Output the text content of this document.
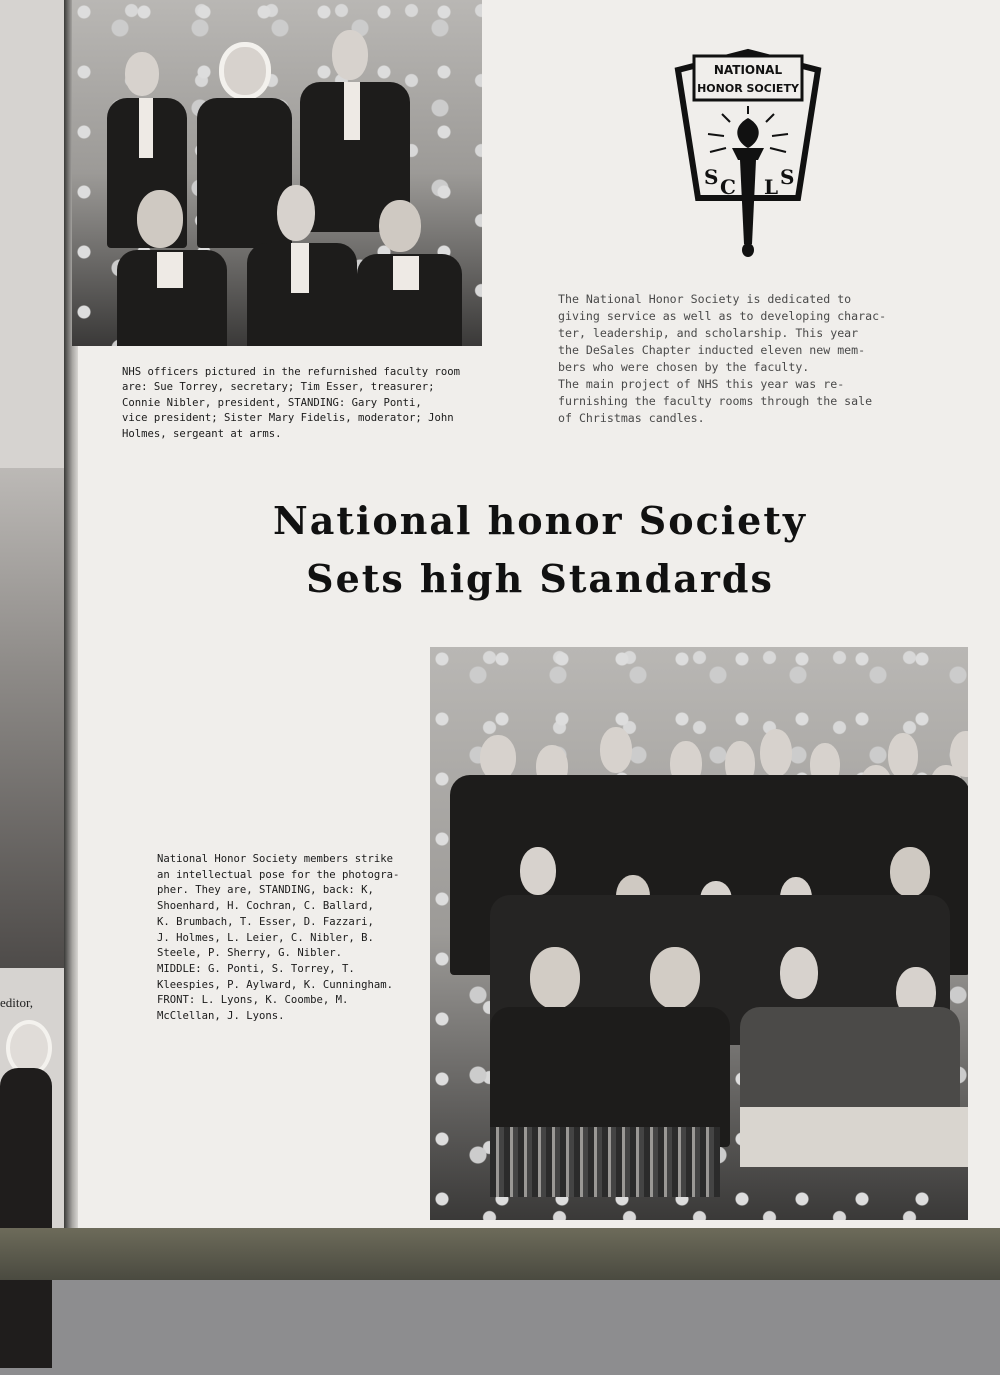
editor,
NATIONAL
HONOR SOCIETY
S C L S

The National Honor Society is dedicated to
giving service as well as to developing charac-
ter, leadership, and scholarship. This year
the DeSales Chapter inducted eleven new mem-
bers who were chosen by the faculty.
The main project of NHS this year was re-
furnishing the faculty rooms through the sale
of Christmas candles.

NHS officers pictured in the refurnished faculty room
are: Sue Torrey, secretary; Tim Esser, treasurer;
Connie Nibler, president, STANDING: Gary Ponti,
vice president; Sister Mary Fidelis, moderator; John
Holmes, sergeant at arms.

National honor Society
Sets high Standards

National Honor Society members strike
an intellectual pose for the photogra-
pher. They are, STANDING, back: K,
Shoenhard, H. Cochran, C. Ballard,
K. Brumbach, T. Esser, D. Fazzari,
J. Holmes, L. Leier, C. Nibler, B.
Steele, P. Sherry, G. Nibler.
MIDDLE: G. Ponti, S. Torrey, T.
Kleespies, P. Aylward, K. Cunningham.
FRONT: L. Lyons, K. Coombe, M.
McClellan, J. Lyons.
